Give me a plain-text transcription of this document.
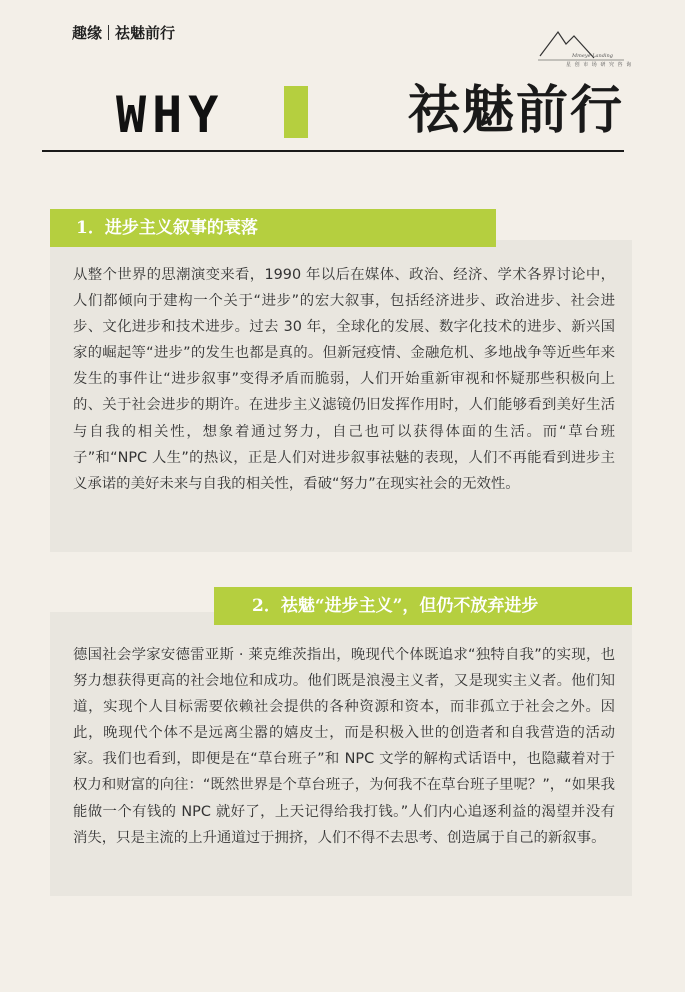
趣缘 祛魅前行
Mmeye Landing
星 创 市 场 研 究 咨 询
WHY	祛魅前行
1．进步主义叙事的衰落

从整个世界的思潮演变来看，1990 年以后在媒体、政治、经济、学术各界讨论中，人们都倾向于建构一个关于“进步”的宏大叙事，包括经济进步、政治进步、社会进步、文化进步和技术进步。过去 30 年，全球化的发展、数字化技术的进步、新兴国家的崛起等“进步”的发生也都是真的。但新冠疫情、金融危机、多地战争等近些年来发生的事件让“进步叙事”变得矛盾而脆弱，人们开始重新审视和怀疑那些积极向上的、关于社会进步的期许。在进步主义滤镜仍旧发挥作用时，人们能够看到美好生活与自我的相关性，想象着通过努力，自己也可以获得体面的生活。而“草台班子”和“NPC 人生”的热议，正是人们对进步叙事祛魅的表现，人们不再能看到进步主义承诺的美好未来与自我的相关性，看破“努力”在现实社会的无效性。

2．祛魅“进步主义”，但仍不放弃进步

德国社会学家安德雷亚斯 · 莱克维茨指出，晚现代个体既追求“独特自我”的实现，也努力想获得更高的社会地位和成功。他们既是浪漫主义者，又是现实主义者。他们知道，实现个人目标需要依赖社会提供的各种资源和资本，而非孤立于社会之外。因此，晚现代个体不是远离尘嚣的嬉皮士，而是积极入世的创造者和自我营造的活动家。我们也看到，即便是在“草台班子”和 NPC 文学的解构式话语中，也隐藏着对于权力和财富的向往：“既然世界是个草台班子，为何我不在草台班子里呢？”，“如果我能做一个有钱的 NPC 就好了，上天记得给我打钱。”人们内心追逐利益的渴望并没有消失，只是主流的上升通道过于拥挤，人们不得不去思考、创造属于自己的新叙事。
